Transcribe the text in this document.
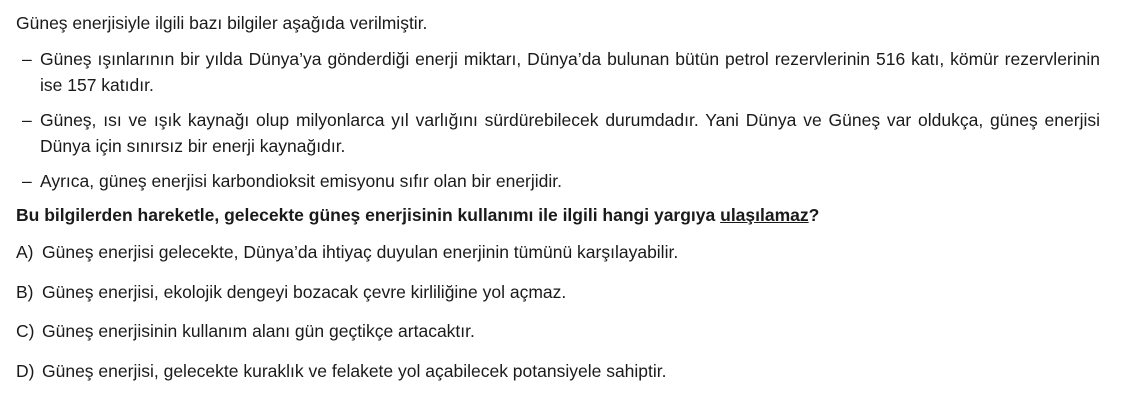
Güneş enerjisiyle ilgili bazı bilgiler aşağıda verilmiştir.

– Güneş ışınlarının bir yılda Dünya’ya gönderdiği enerji miktarı, Dünya’da bulunan bütün petrol rezervlerinin 516 katı, kömür rezervlerinin ise 157 katıdır.
– Güneş, ısı ve ışık kaynağı olup milyonlarca yıl varlığını sürdürebilecek durumdadır. Yani Dünya ve Güneş var oldukça, güneş enerjisi Dünya için sınırsız bir enerji kaynağıdır.
– Ayrıca, güneş enerjisi karbondioksit emisyonu sıfır olan bir enerjidir.

Bu bilgilerden hareketle, gelecekte güneş enerjisinin kullanımı ile ilgili hangi yargıya ulaşılamaz?

A) Güneş enerjisi gelecekte, Dünya’da ihtiyaç duyulan enerjinin tümünü karşılayabilir.
B) Güneş enerjisi, ekolojik dengeyi bozacak çevre kirliliğine yol açmaz.
C) Güneş enerjisinin kullanım alanı gün geçtikçe artacaktır.
D) Güneş enerjisi, gelecekte kuraklık ve felakete yol açabilecek potansiyele sahiptir.
